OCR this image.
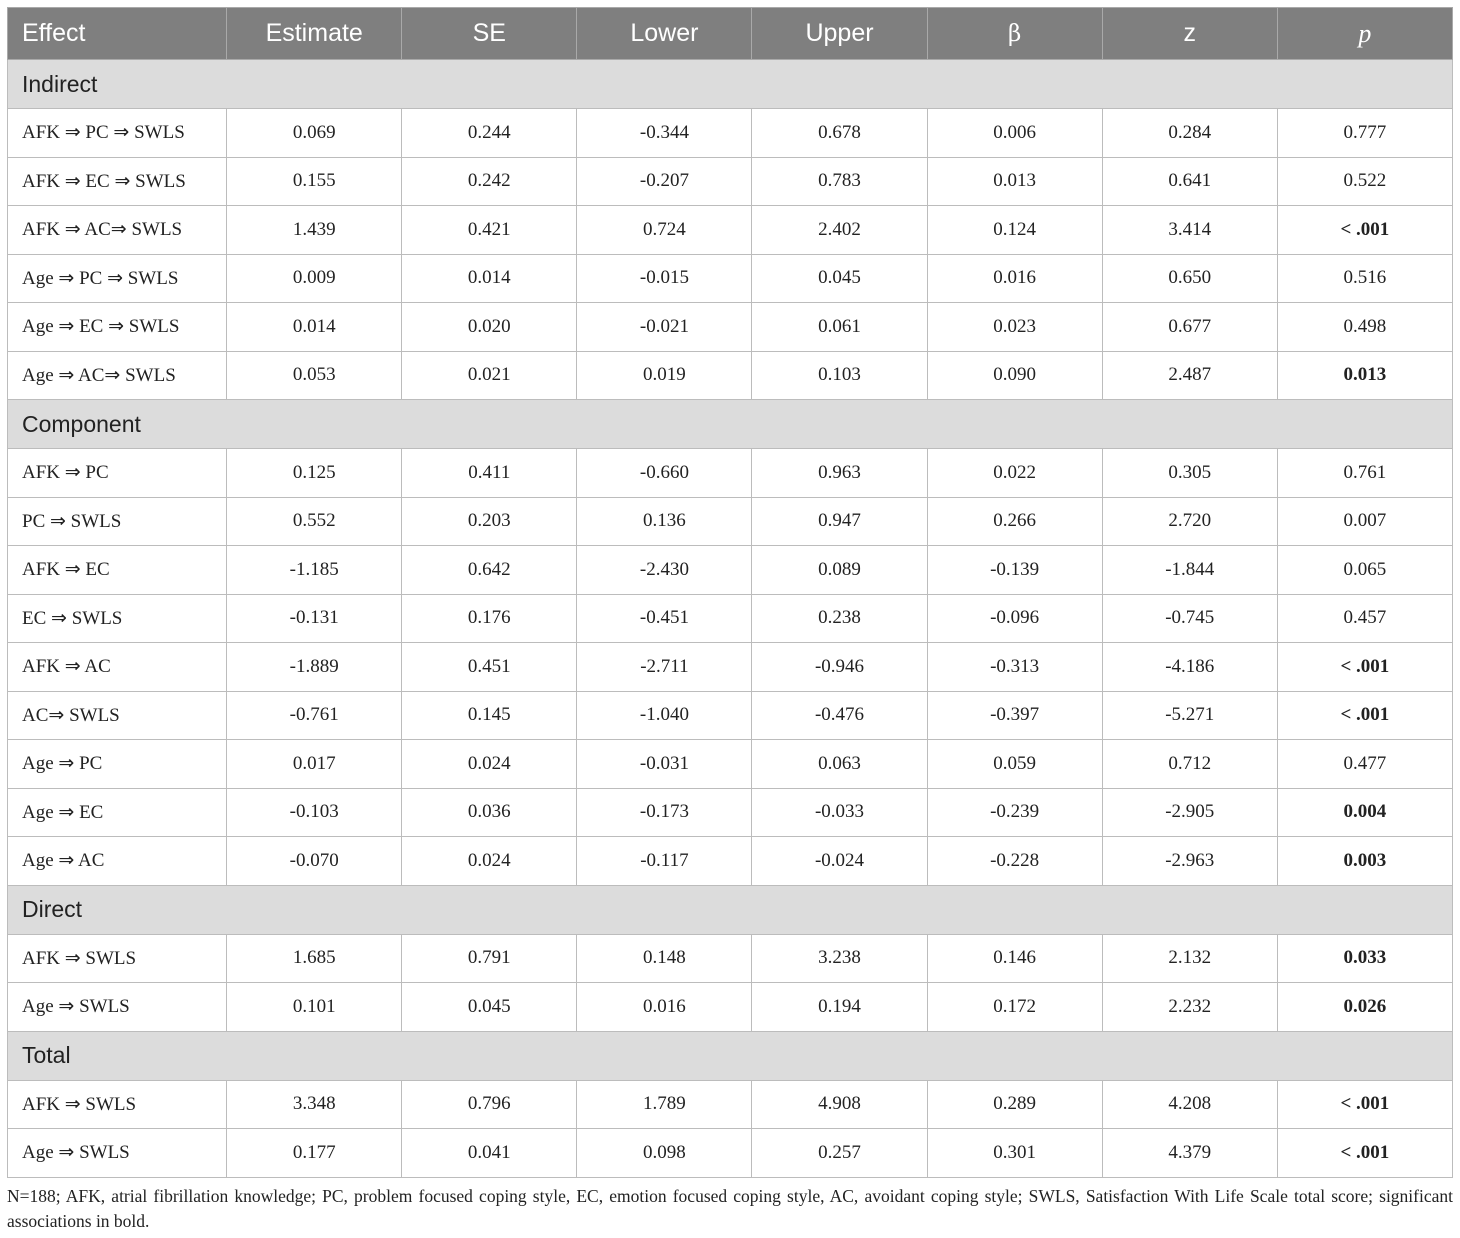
Effect	Estimate	SE	Lower	Upper	β	z	p
Indirect							
AFK ⇒ PC ⇒ SWLS	0.069	0.244	-0.344	0.678	0.006	0.284	0.777
AFK ⇒ EC ⇒ SWLS	0.155	0.242	-0.207	0.783	0.013	0.641	0.522
AFK ⇒ AC⇒ SWLS	1.439	0.421	0.724	2.402	0.124	3.414	< .001
Age ⇒ PC ⇒ SWLS	0.009	0.014	-0.015	0.045	0.016	0.650	0.516
Age ⇒ EC ⇒ SWLS	0.014	0.020	-0.021	0.061	0.023	0.677	0.498
Age ⇒ AC⇒ SWLS	0.053	0.021	0.019	0.103	0.090	2.487	0.013
Component							
AFK ⇒ PC	0.125	0.411	-0.660	0.963	0.022	0.305	0.761
PC ⇒ SWLS	0.552	0.203	0.136	0.947	0.266	2.720	0.007
AFK ⇒ EC	-1.185	0.642	-2.430	0.089	-0.139	-1.844	0.065
EC ⇒ SWLS	-0.131	0.176	-0.451	0.238	-0.096	-0.745	0.457
AFK ⇒ AC	-1.889	0.451	-2.711	-0.946	-0.313	-4.186	< .001
AC⇒ SWLS	-0.761	0.145	-1.040	-0.476	-0.397	-5.271	< .001
Age ⇒ PC	0.017	0.024	-0.031	0.063	0.059	0.712	0.477
Age ⇒ EC	-0.103	0.036	-0.173	-0.033	-0.239	-2.905	0.004
Age ⇒ AC	-0.070	0.024	-0.117	-0.024	-0.228	-2.963	0.003
Direct							
AFK ⇒ SWLS	1.685	0.791	0.148	3.238	0.146	2.132	0.033
Age ⇒ SWLS	0.101	0.045	0.016	0.194	0.172	2.232	0.026
Total							
AFK ⇒ SWLS	3.348	0.796	1.789	4.908	0.289	4.208	< .001
Age ⇒ SWLS	0.177	0.041	0.098	0.257	0.301	4.379	< .001
N=188; AFK, atrial fibrillation knowledge; PC, problem focused coping style, EC, emotion focused coping style, AC, avoidant coping style; SWLS, Satisfaction With Life Scale total score; significant associations in bold.
